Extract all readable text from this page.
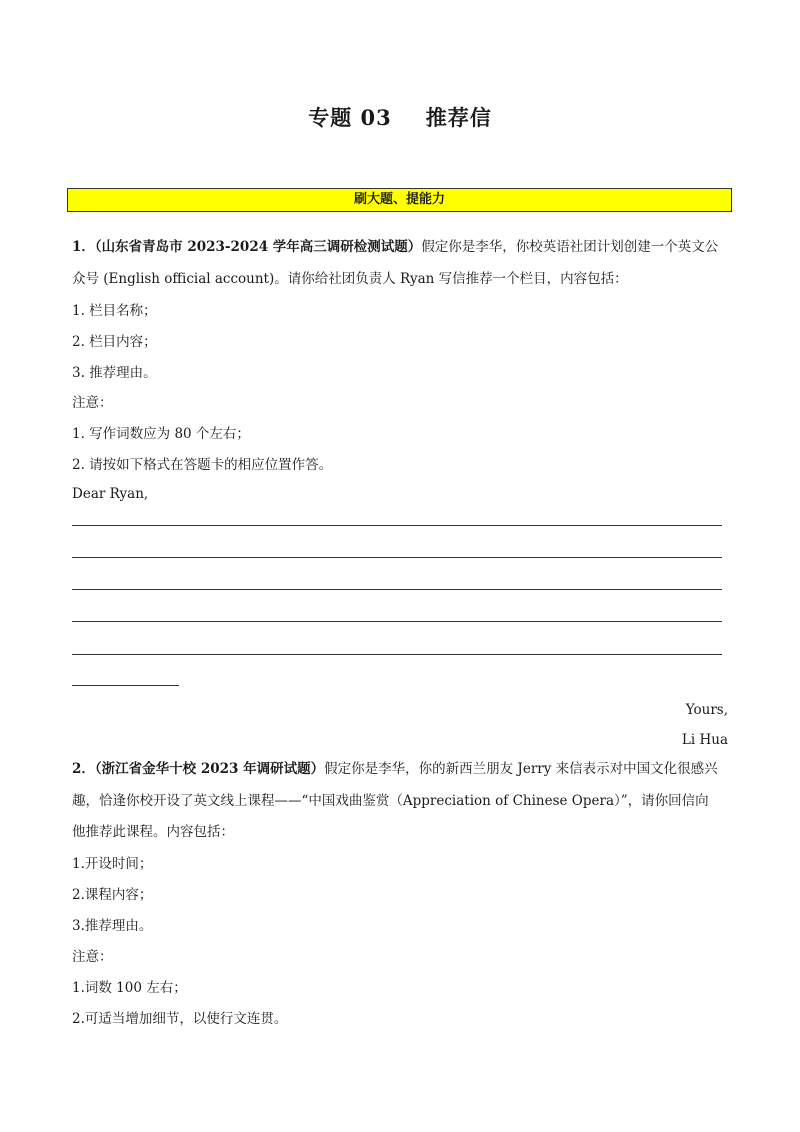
专题 03 推荐信
刷大题、提能力
1．（山东省青岛市 2023-2024 学年高三调研检测试题）假定你是李华，你校英语社团计划创建一个英文公
众号 (English official account)。请你给社团负责人 Ryan 写信推荐一个栏目，内容包括：
1. 栏目名称；
2. 栏目内容；
3. 推荐理由。
注意：
1. 写作词数应为 80 个左右；
2. 请按如下格式在答题卡的相应位置作答。
Dear Ryan,
Yours,
Li Hua
2．（浙江省金华十校 2023 年调研试题）假定你是李华，你的新西兰朋友 Jerry 来信表示对中国文化很感兴
趣，恰逢你校开设了英文线上课程——“中国戏曲鉴赏（Appreciation of Chinese Opera）”，请你回信向
他推荐此课程。内容包括：
1.开设时间；
2.课程内容；
3.推荐理由。
注意：
1.词数 100 左右；
2.可适当增加细节，以使行文连贯。
